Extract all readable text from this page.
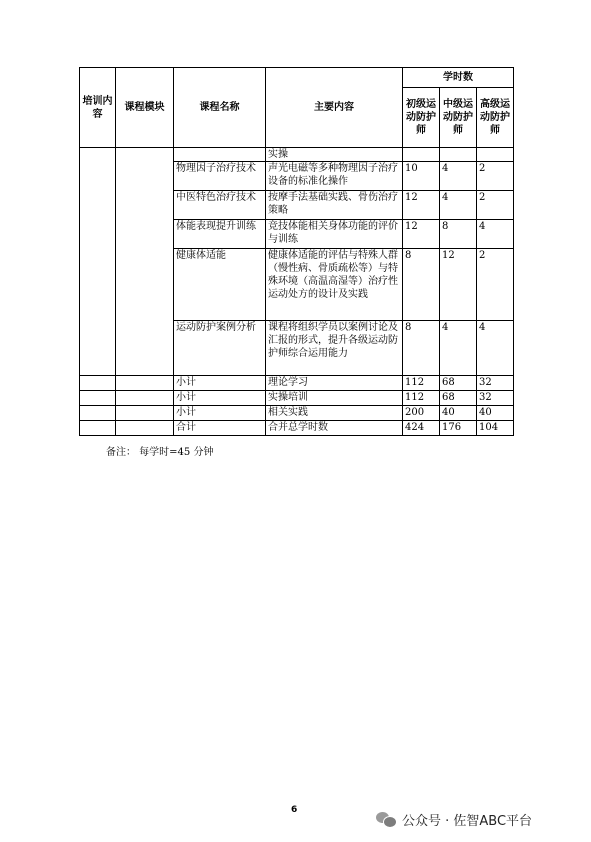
培训内容	课程模块	课程名称	主要内容	学时数		
				初级运动防护师	中级运动防护师	高级运动防护师
			实操			
		物理因子治疗技术	声光电磁等多种物理因子治疗设备的标准化操作	10	4	2
		中医特色治疗技术	按摩手法基础实践、骨伤治疗策略	12	4	2
		体能表现提升训练	竞技体能相关身体功能的评价与训练	12	8	4
		健康体适能	健康体适能的评估与特殊人群（慢性病、骨质疏松等）与特殊环境（高温高湿等）治疗性运动处方的设计及实践	8	12	2
		运动防护案例分析	课程将组织学员以案例讨论及汇报的形式，提升各级运动防护师综合运用能力	8	4	4
		小计	理论学习	112	68	32
		小计	实操培训	112	68	32
		小计	相关实践	200	40	40
		合计	合并总学时数	424	176	104
备注： 每学时=45 分钟
6
公众号 · 佐智ABC平台
